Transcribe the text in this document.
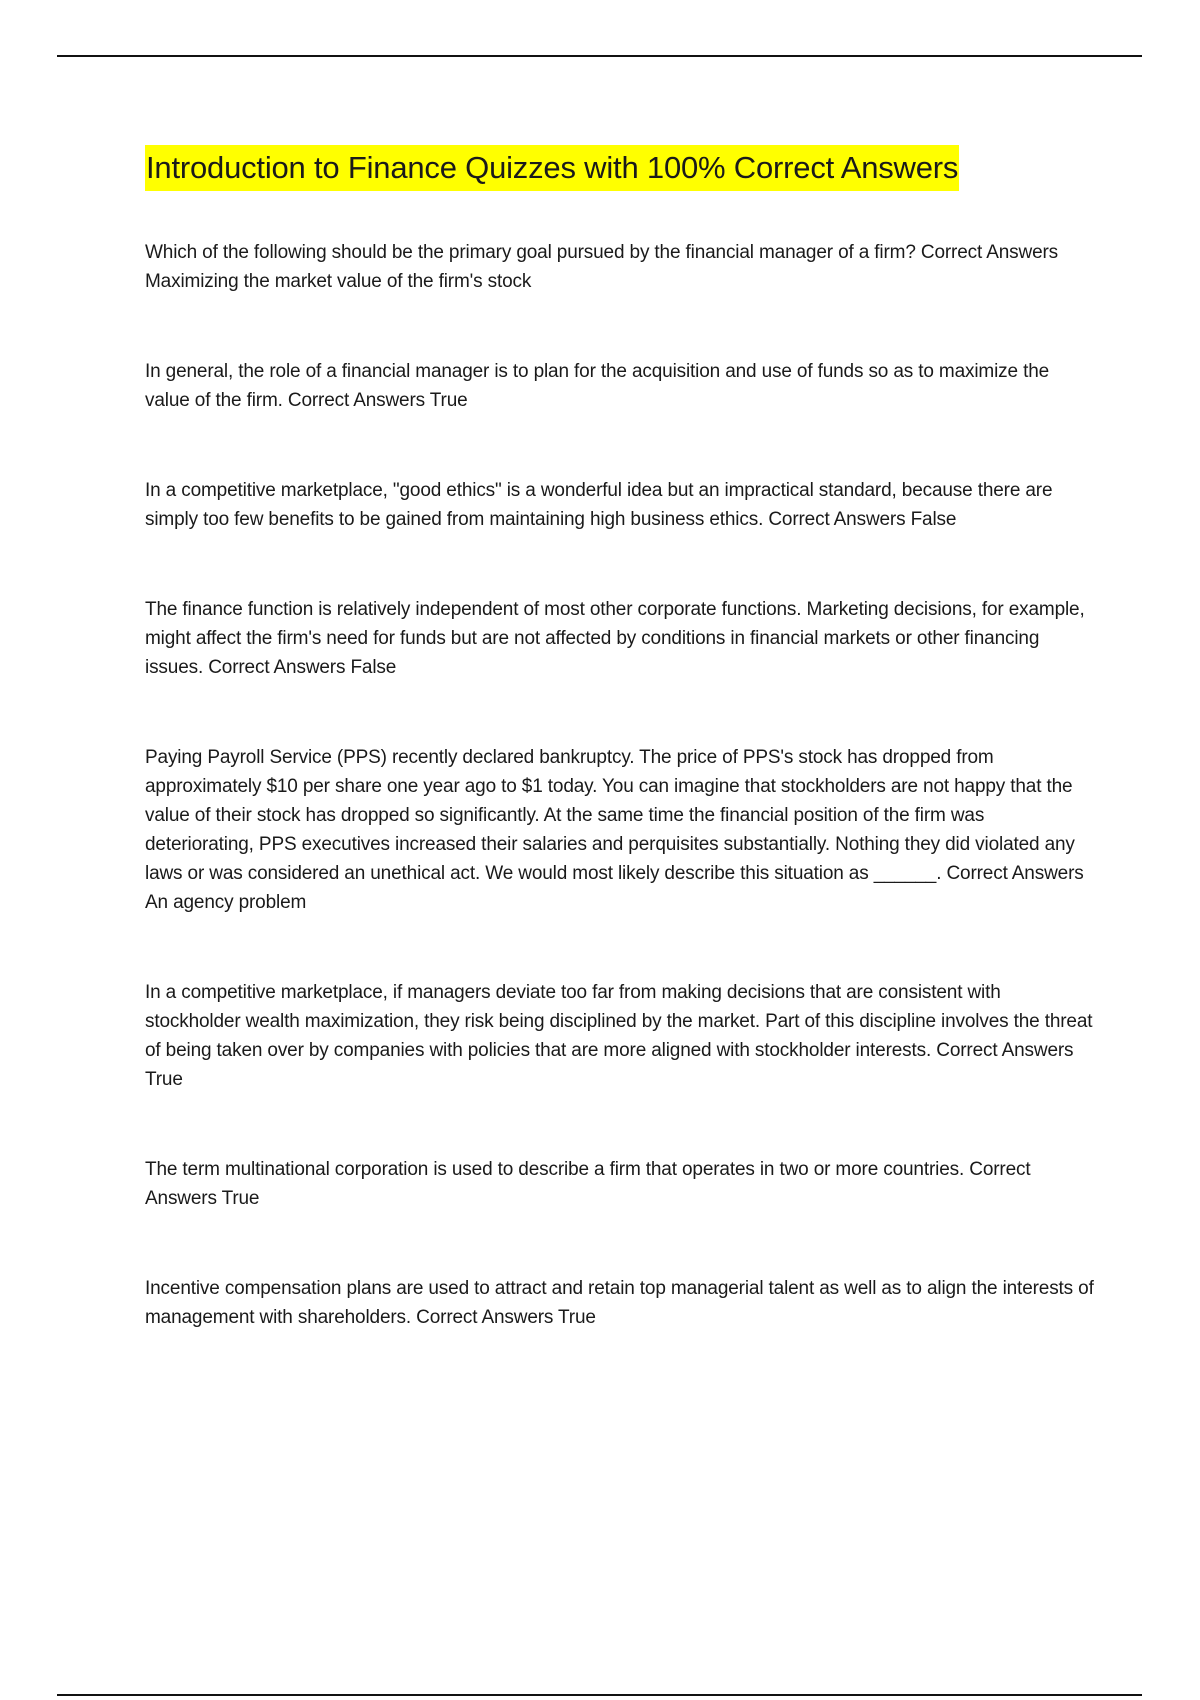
Introduction to Finance Quizzes with 100% Correct Answers

Which of the following should be the primary goal pursued by the financial manager of a firm? Correct Answers Maximizing the market value of the firm's stock

In general, the role of a financial manager is to plan for the acquisition and use of funds so as to maximize the value of the firm. Correct Answers True

In a competitive marketplace, "good ethics" is a wonderful idea but an impractical standard, because there are simply too few benefits to be gained from maintaining high business ethics. Correct Answers False

The finance function is relatively independent of most other corporate functions. Marketing decisions, for example, might affect the firm's need for funds but are not affected by conditions in financial markets or other financing issues. Correct Answers False

Paying Payroll Service (PPS) recently declared bankruptcy. The price of PPS's stock has dropped from approximately $10 per share one year ago to $1 today. You can imagine that stockholders are not happy that the value of their stock has dropped so significantly. At the same time the financial position of the firm was deteriorating, PPS executives increased their salaries and perquisites substantially. Nothing they did violated any laws or was considered an unethical act. We would most likely describe this situation as ______. Correct Answers An agency problem

In a competitive marketplace, if managers deviate too far from making decisions that are consistent with stockholder wealth maximization, they risk being disciplined by the market. Part of this discipline involves the threat of being taken over by companies with policies that are more aligned with stockholder interests. Correct Answers True

The term multinational corporation is used to describe a firm that operates in two or more countries. Correct Answers True

Incentive compensation plans are used to attract and retain top managerial talent as well as to align the interests of management with shareholders. Correct Answers True
